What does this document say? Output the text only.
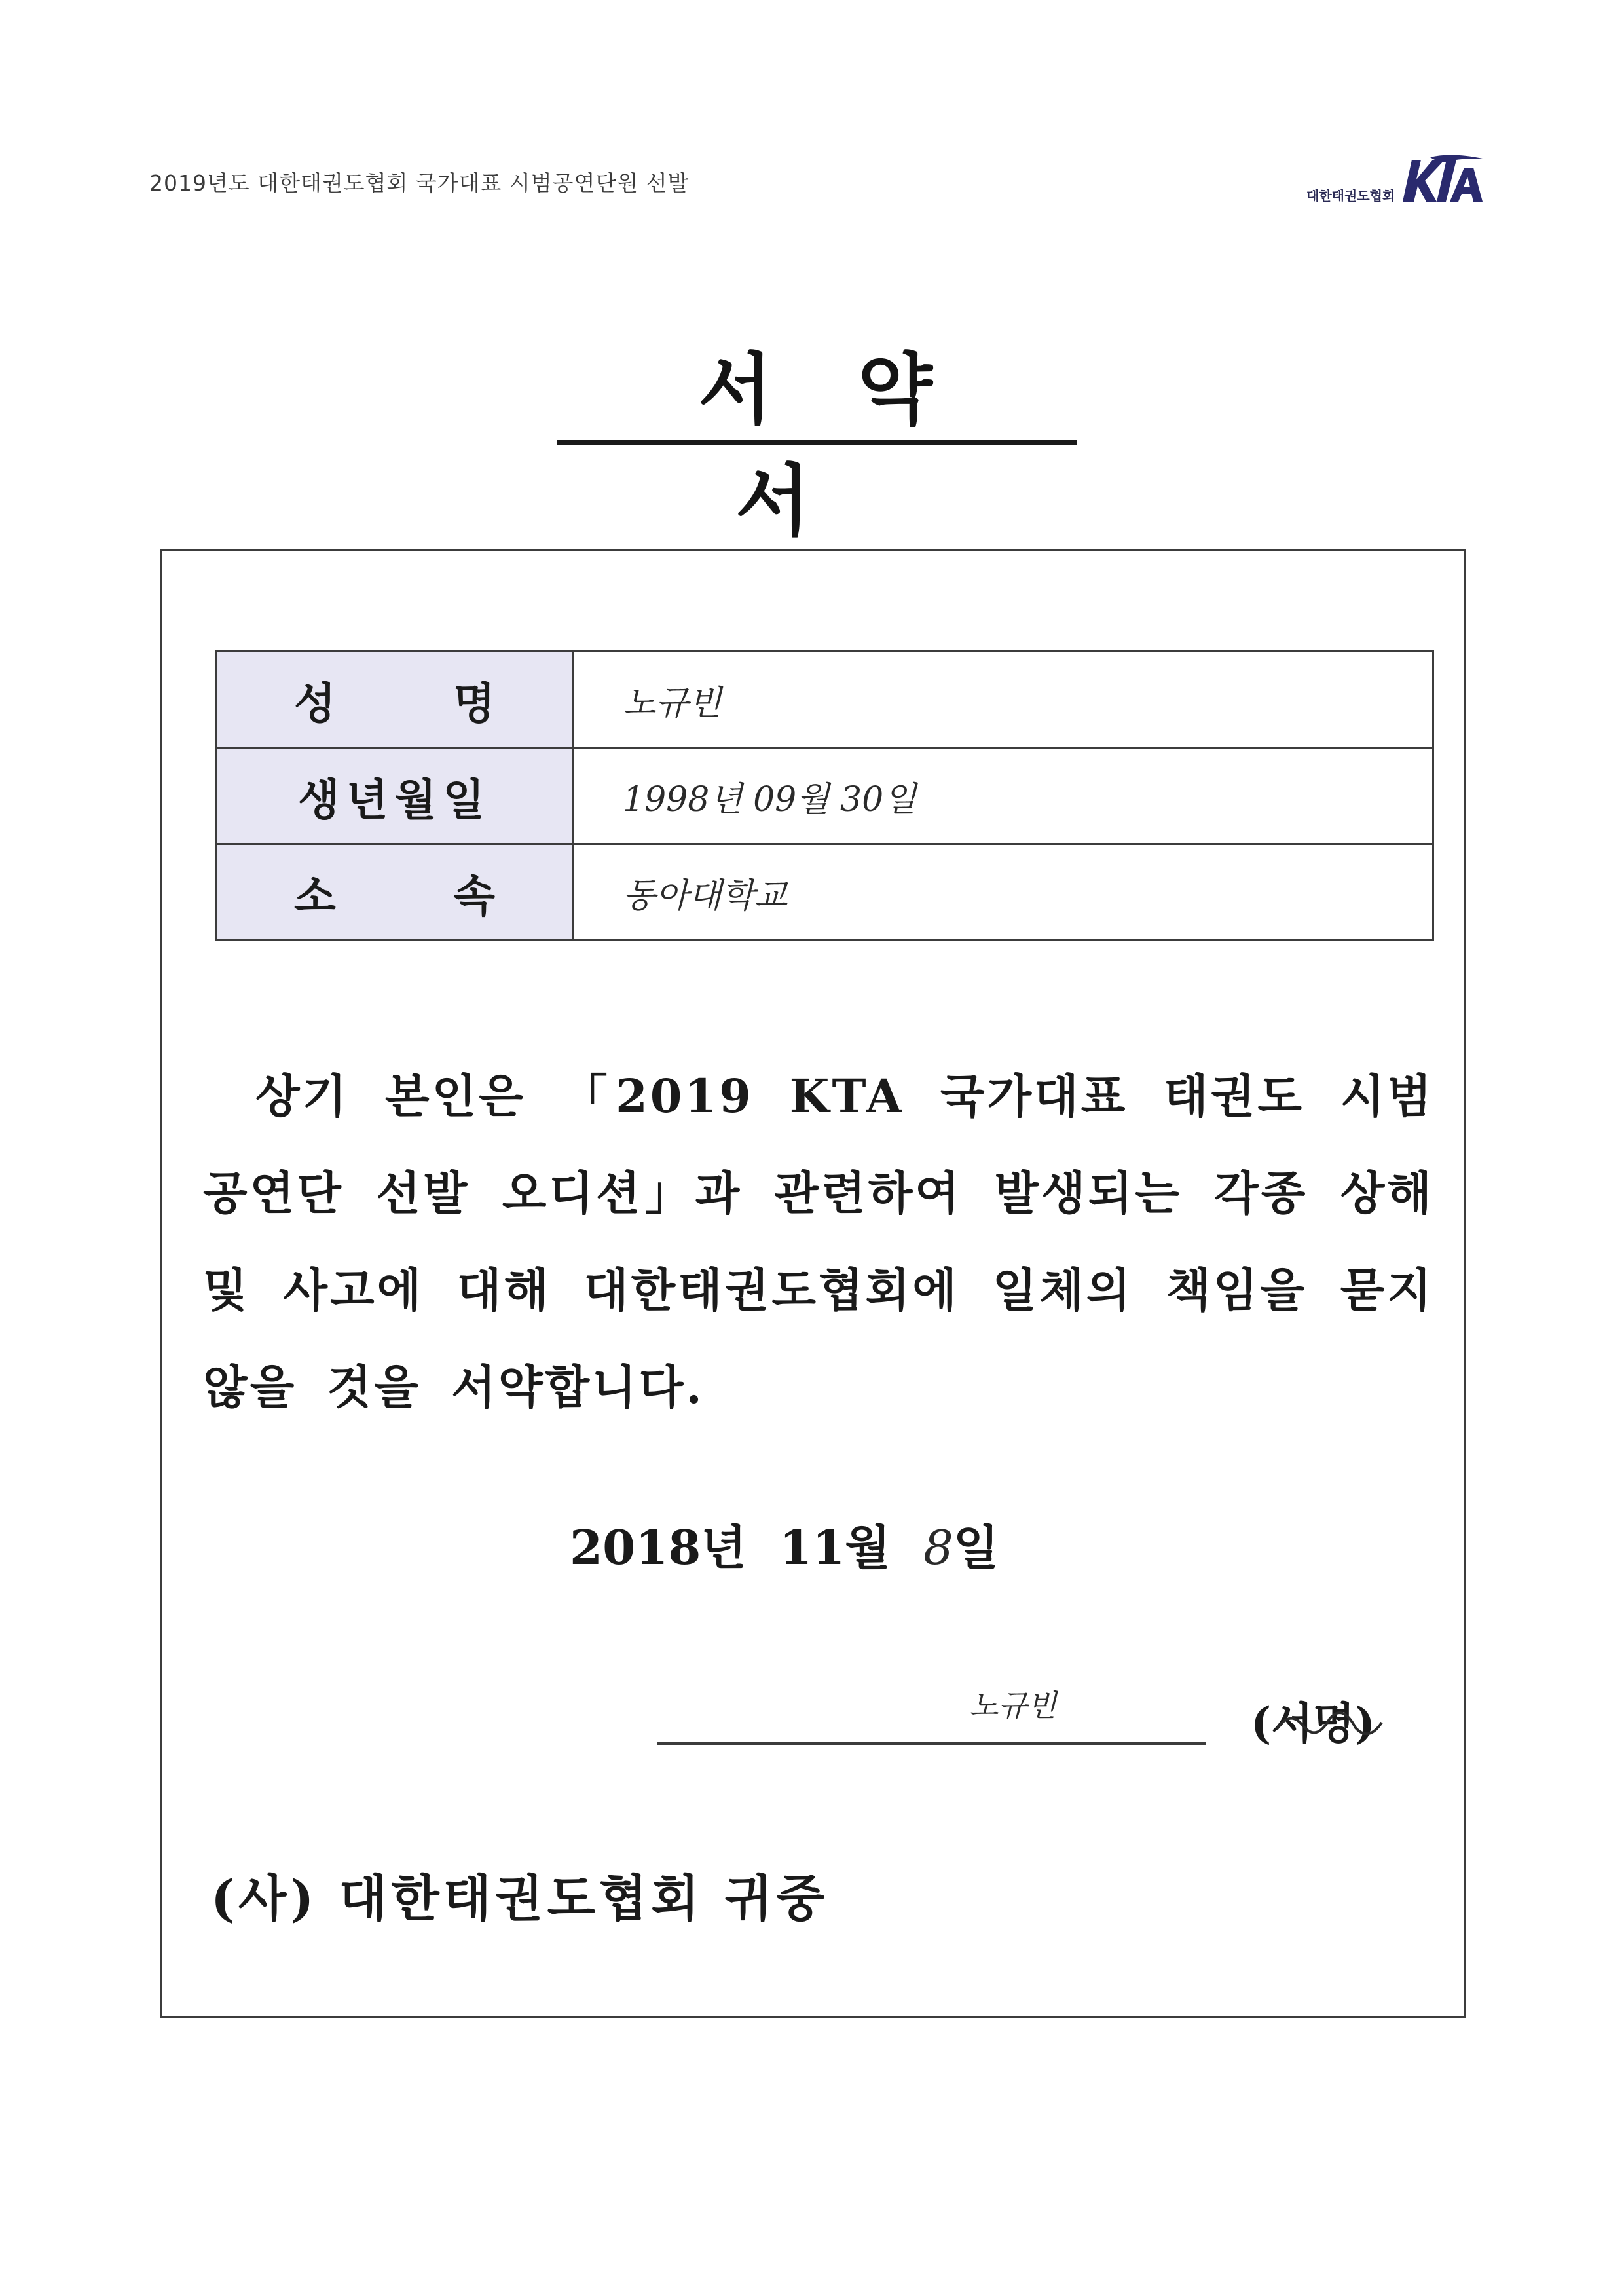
2019년도 대한태권도협회 국가대표 시범공연단원 선발	대한태권도협회
서약서
성 명	노규빈

생년월일	1998년 09월 30일

소 속	동아대학교
상기 본인은 「2019 KTA 국가대표 태권도 시범공연단 선발 오디션」과 관련하여 발생되는 각종 상해 및 사고에 대해 대한태권도협회에 일체의 책임을 묻지 않을 것을 서약합니다.
2018년 11월 8일
노규빈	(서명)
(사) 대한태권도협회 귀중
